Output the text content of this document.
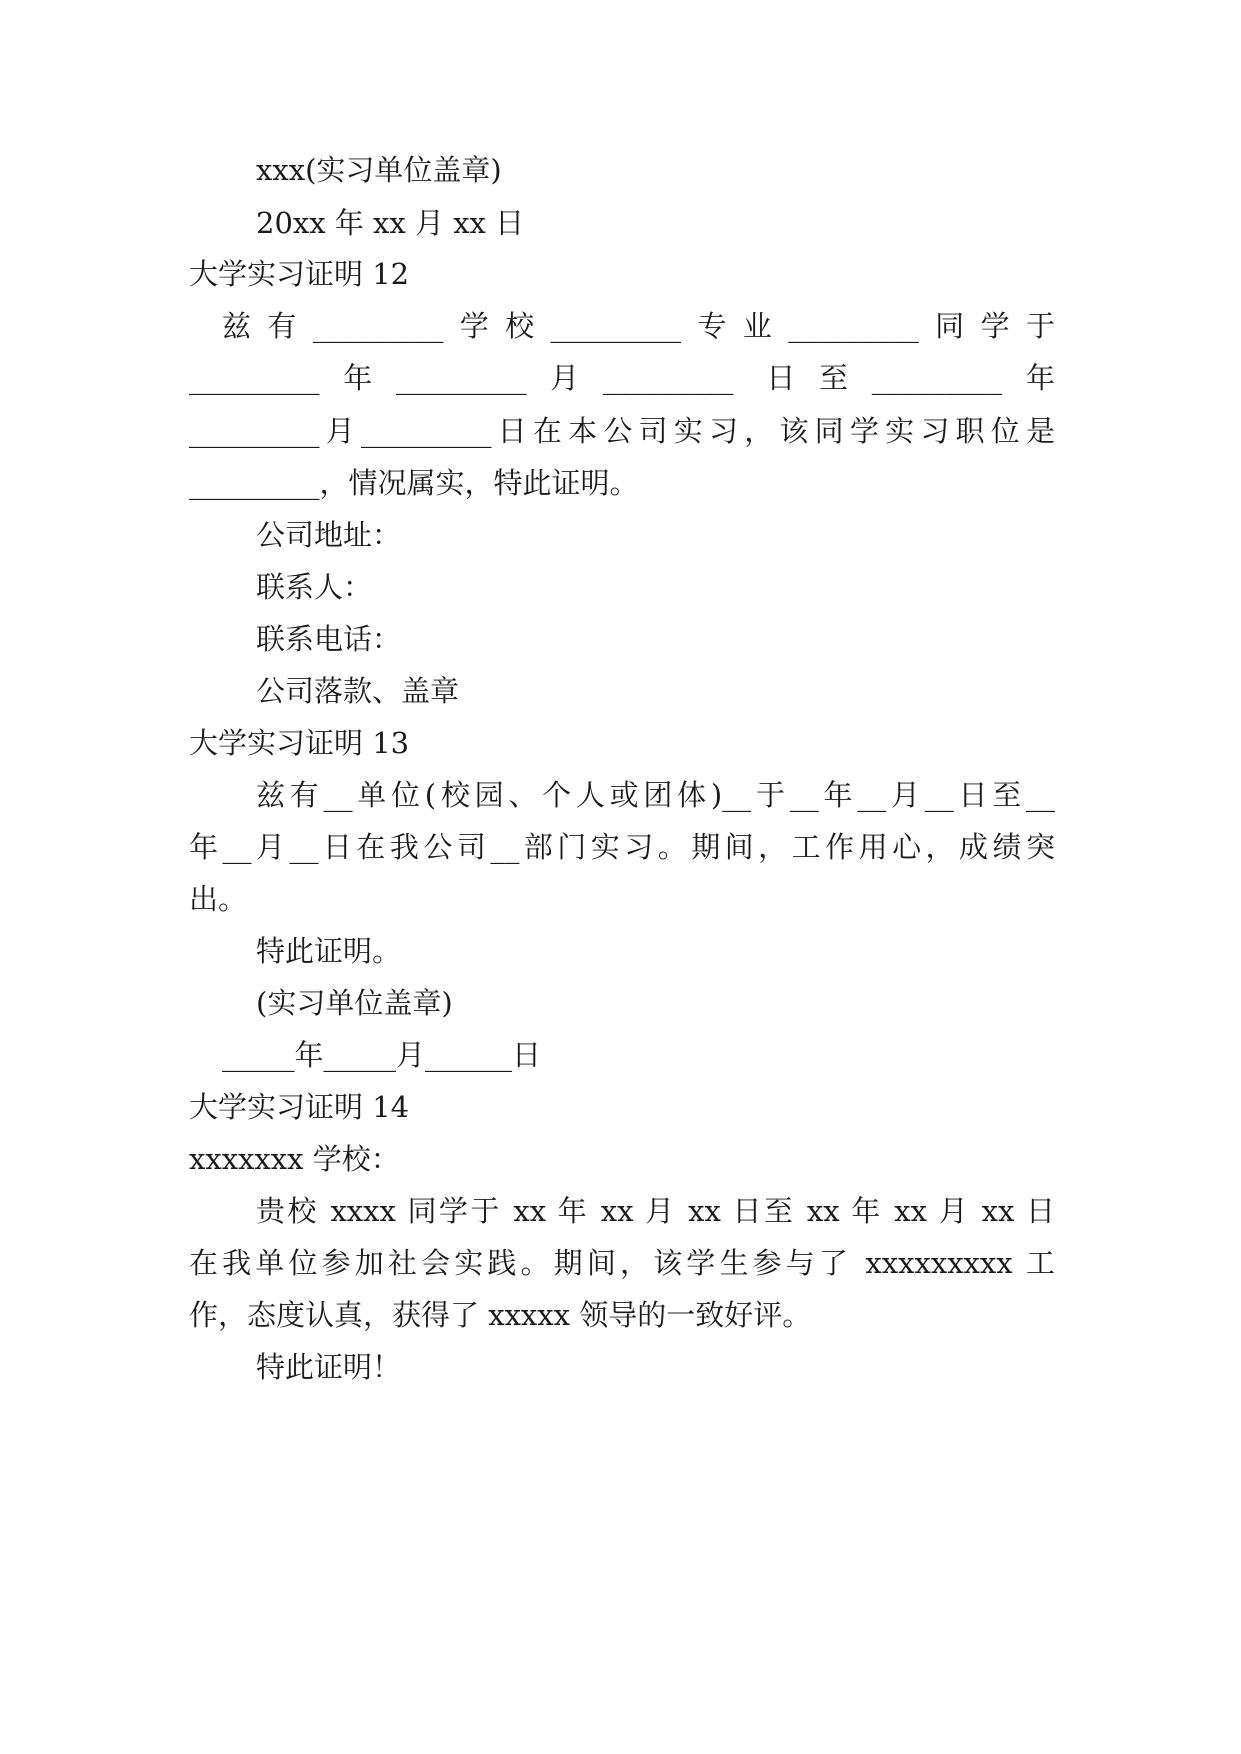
xxx(实习单位盖章)

20xx 年 xx 月 xx 日

大学实习证明 12

兹有_________学校_________专业_________同学于

_________年_________月_________ 日至_________年

_________月_________日在本公司实习，该同学实习职位是

_________，情况属实，特此证明。

公司地址：

联系人：

联系电话：

公司落款、盖章

大学实习证明 13

兹有__单位(校园、个人或团体)__于__年__月__日至__

年__月__日在我公司__部门实习。期间，工作用心，成绩突

出。

特此证明。

(实习单位盖章)

_____年_____月______日

大学实习证明 14

xxxxxxx 学校：

贵校 xxxx 同学于 xx 年 xx 月 xx 日至 xx 年 xx 月 xx 日

在我单位参加社会实践。期间，该学生参与了 xxxxxxxxx 工

作，态度认真，获得了 xxxxx 领导的一致好评。

特此证明！
